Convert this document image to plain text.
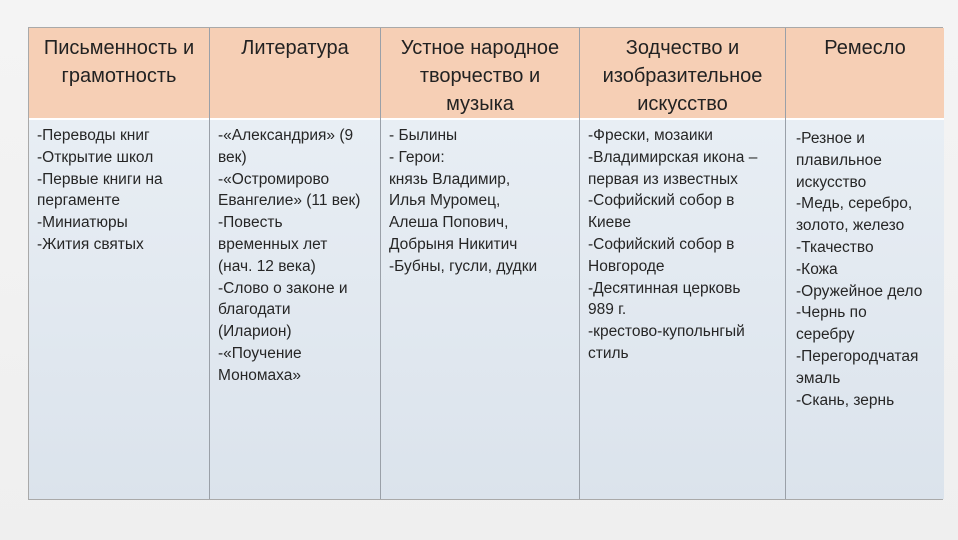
Письменность и
грамотность
-Переводы книг
-Открытие школ
-Первые книги на
пергаменте
-Миниатюры
-Жития святых
Литература
-«Александрия» (9
век)
-«Остромирово
Евангелие» (11 век)
-Повесть
временных лет
(нач. 12 века)
-Слово о законе и
благодати
(Иларион)
-«Поучение
Мономаха»
Устное народное
творчество и
музыка
- Былины
- Герои:
князь Владимир,
Илья Муромец,
Алеша Попович,
Добрыня Никитич
-Бубны, гусли, дудки
Зодчество и
изобразительное
искусство
-Фрески, мозаики
-Владимирская икона –
первая из известных
-Софийский собор в
Киеве
-Софийский собор в
Новгороде
-Десятинная церковь
989 г.
-крестово-купольнгый
стиль
Ремесло
-Резное и
плавильное
искусство
-Медь, серебро,
золото, железо
-Ткачество
-Кожа
-Оружейное дело
-Чернь по
серебру
-Перегородчатая
эмаль
-Скань, зернь
